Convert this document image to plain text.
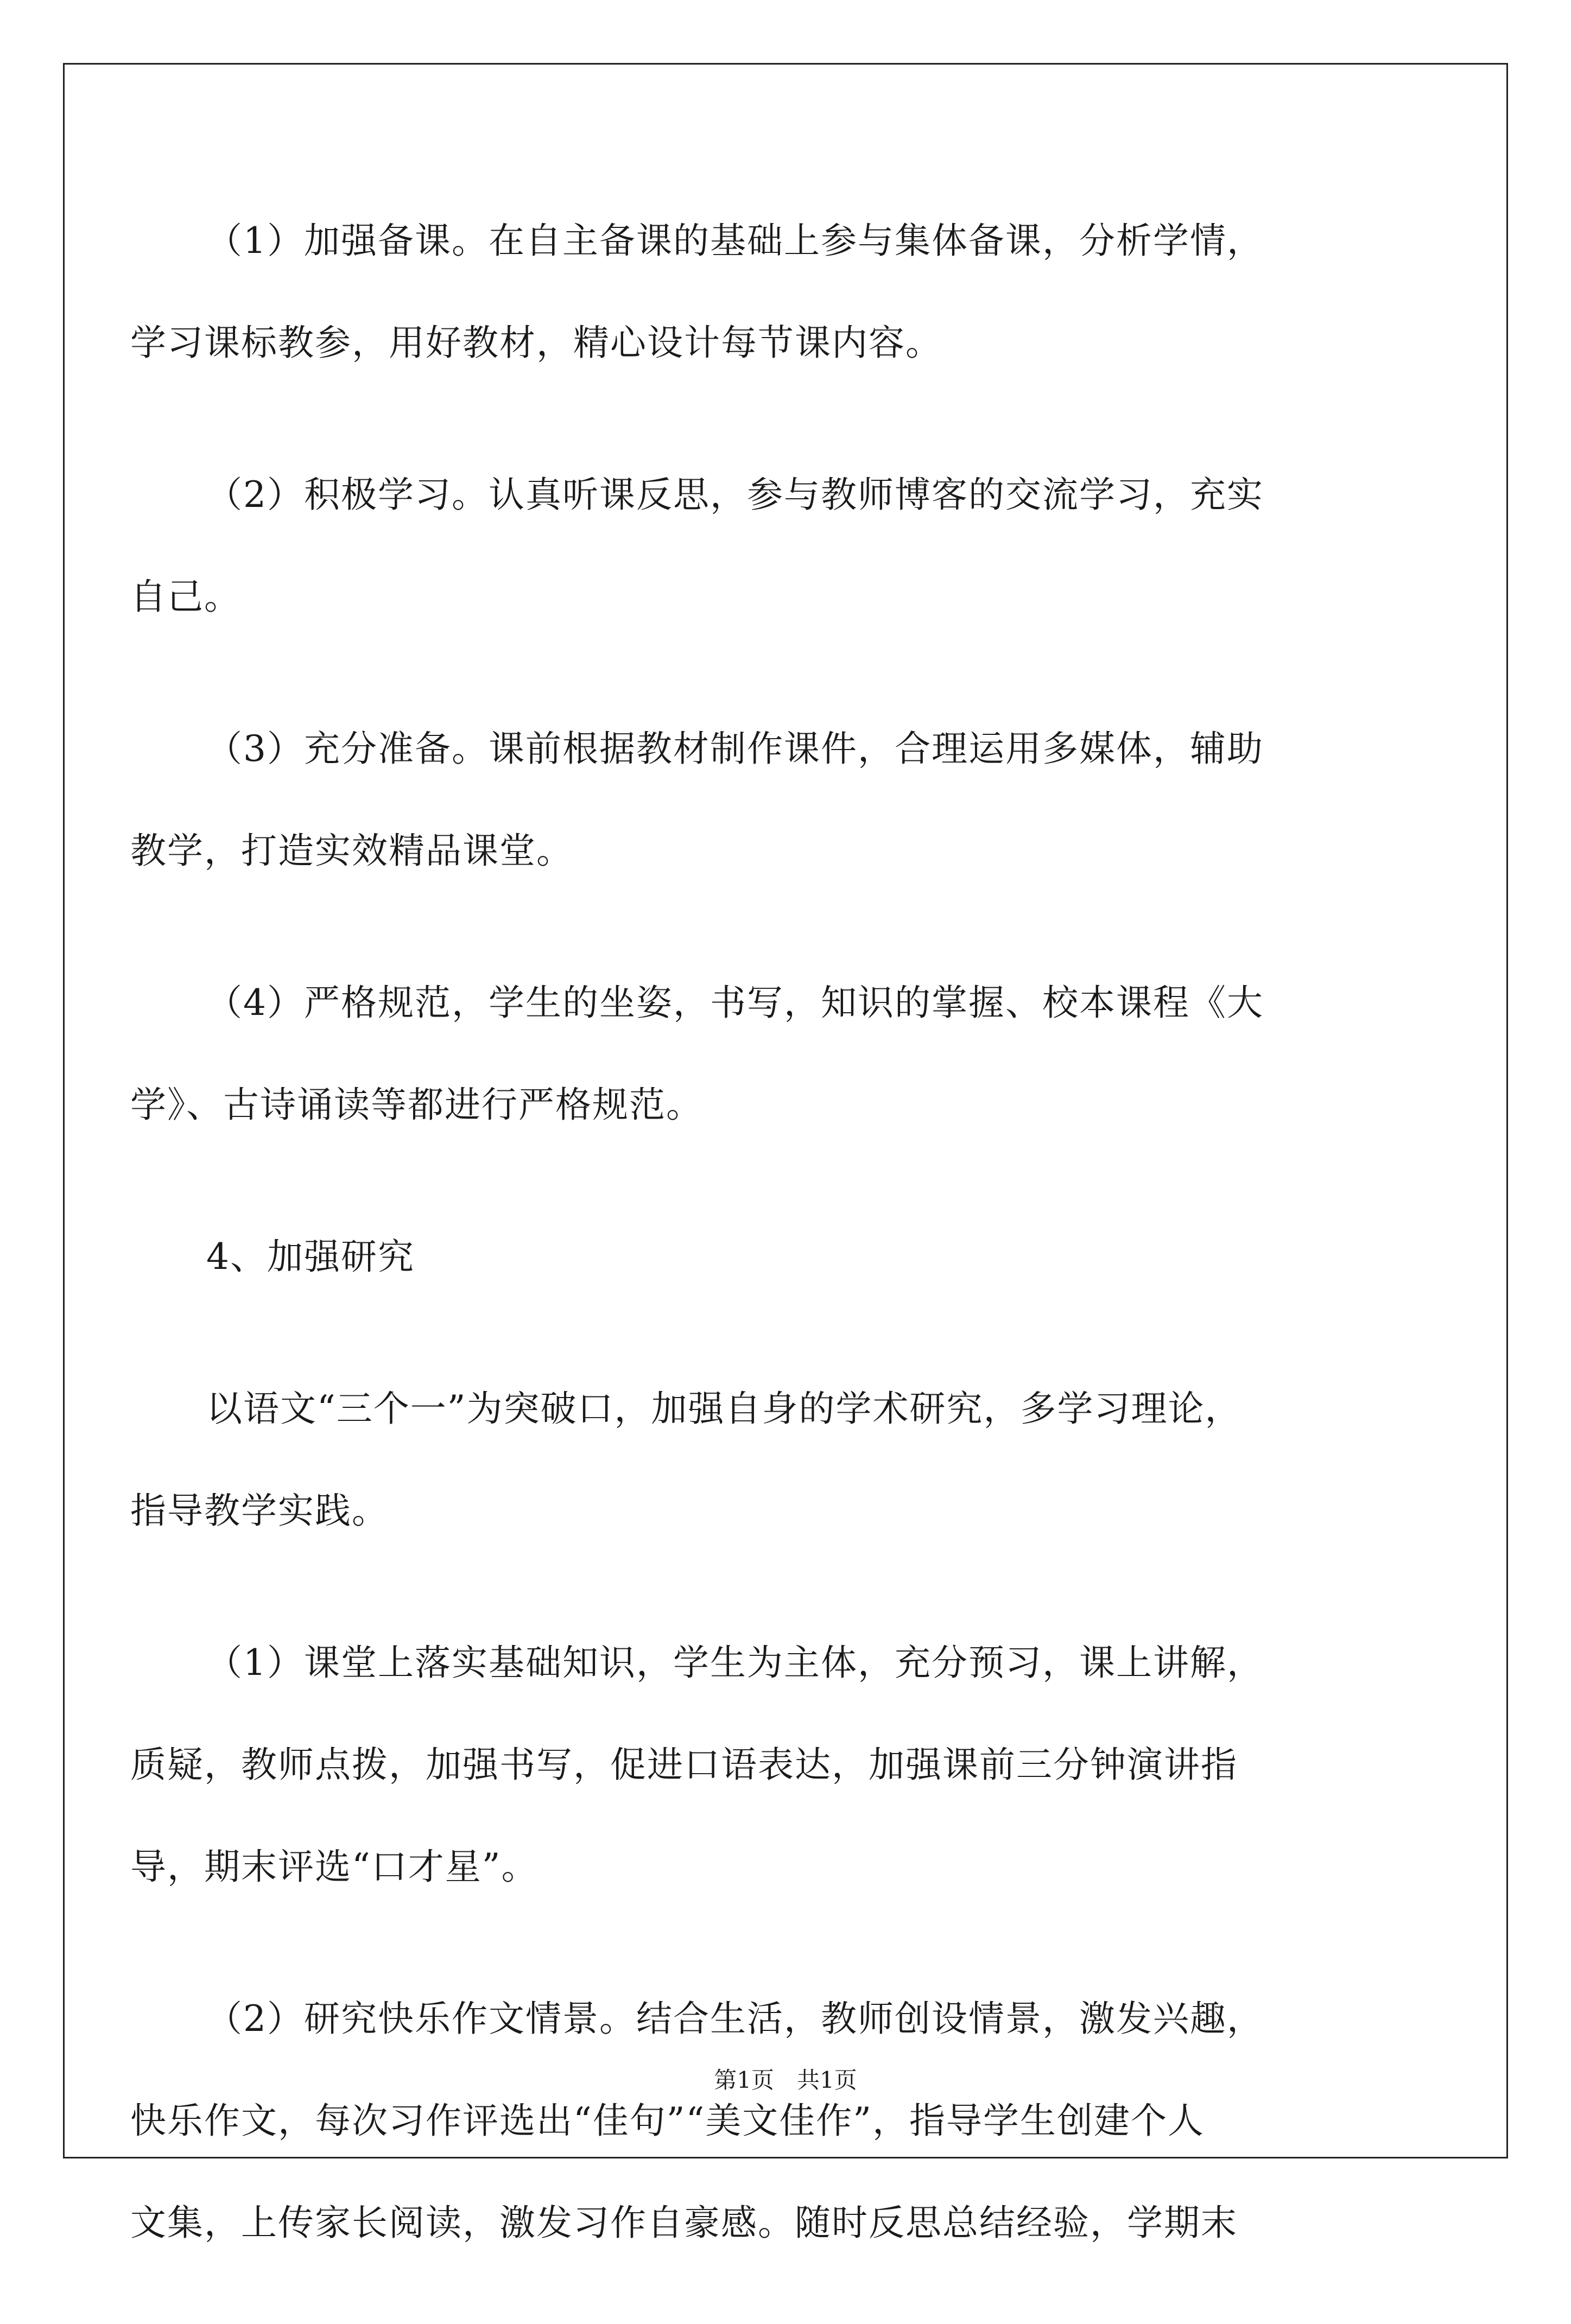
（1）加强备课。在自主备课的基础上参与集体备课，分析学情，
学习课标教参，用好教材，精心设计每节课内容。

（2）积极学习。认真听课反思，参与教师博客的交流学习，充实
自己。

（3）充分准备。课前根据教材制作课件，合理运用多媒体，辅助
教学，打造实效精品课堂。

（4）严格规范，学生的坐姿，书写，知识的掌握、校本课程《大
学》、古诗诵读等都进行严格规范。

4、加强研究

以语文“三个一”为突破口，加强自身的学术研究，多学习理论，
指导教学实践。

（1）课堂上落实基础知识，学生为主体，充分预习，课上讲解，
质疑，教师点拨，加强书写，促进口语表达，加强课前三分钟演讲指
导，期末评选“口才星”。

（2）研究快乐作文情景。结合生活，教师创设情景，激发兴趣，
快乐作文，每次习作评选出“佳句”“美文佳作”，指导学生创建个人
文集，上传家长阅读，激发习作自豪感。随时反思总结经验，学期末

第1页　共1页
